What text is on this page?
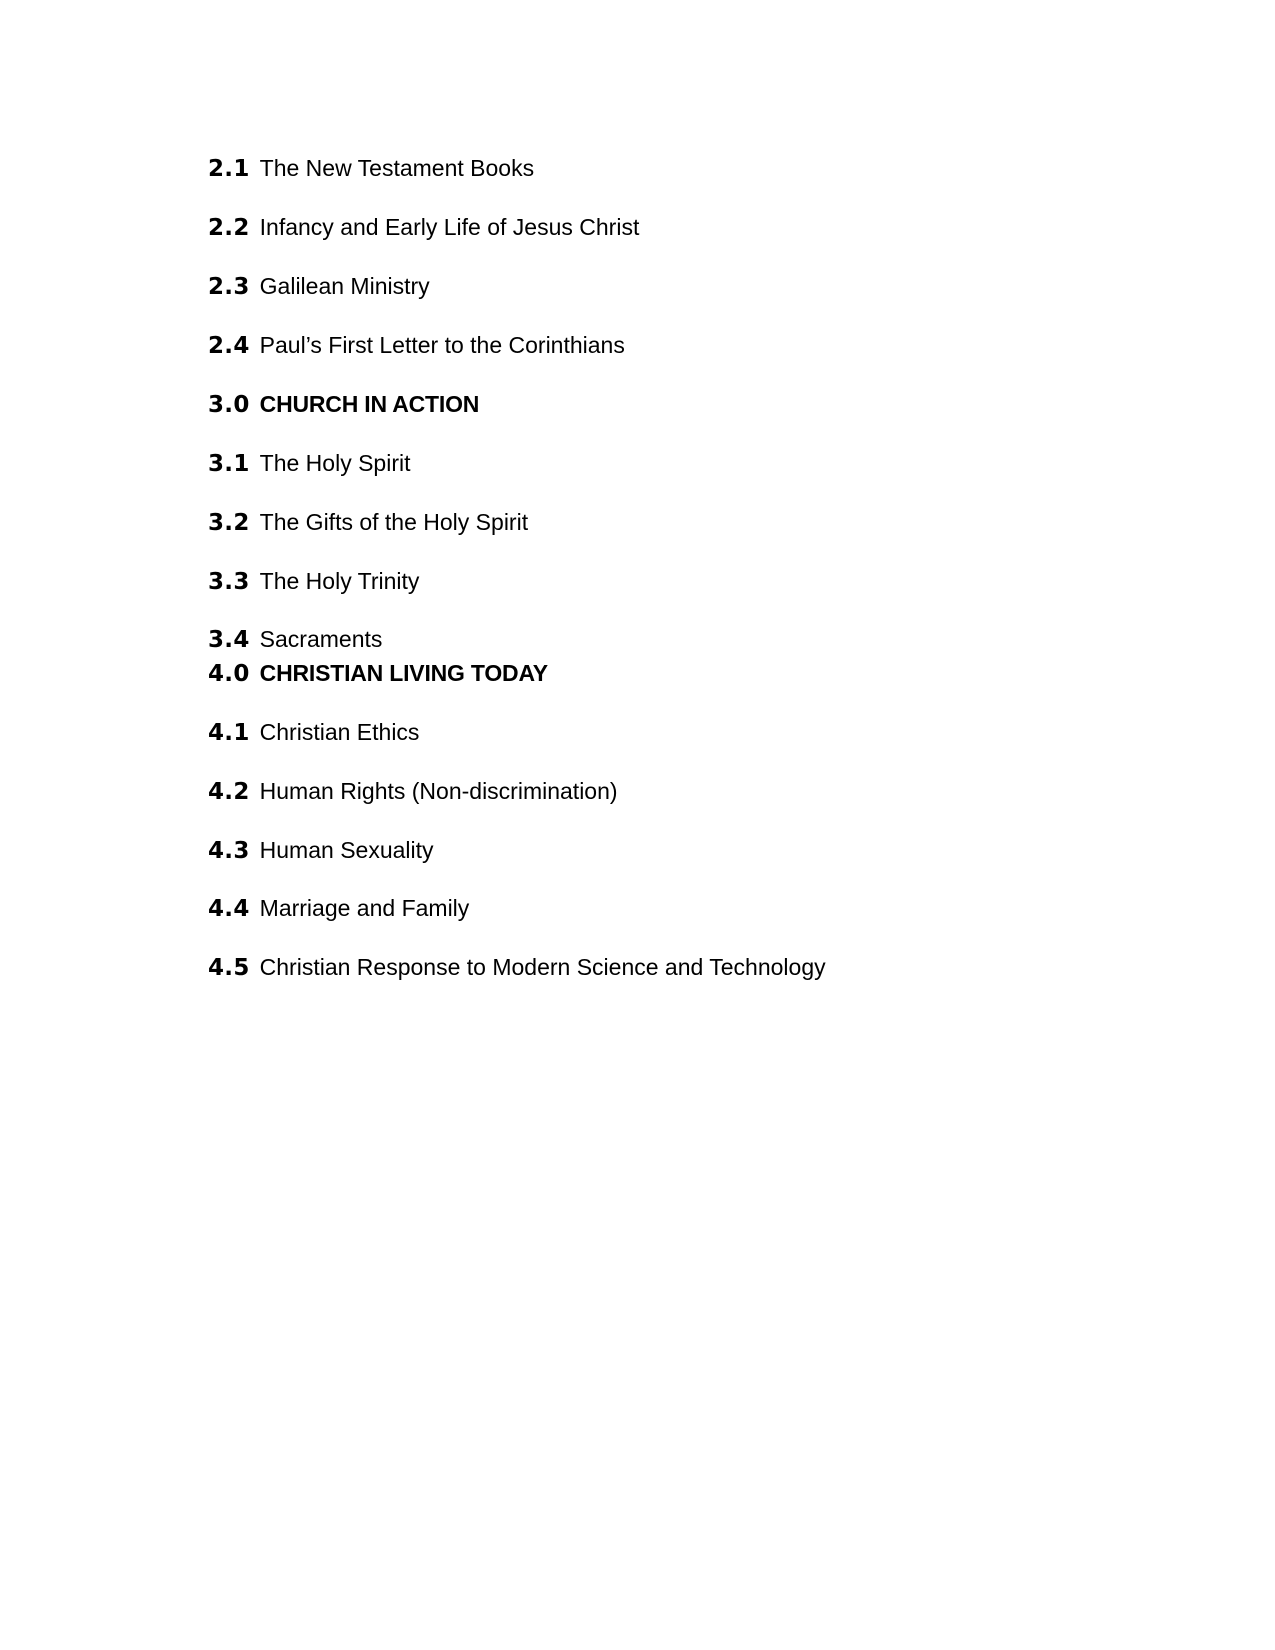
2.1 The New Testament Books
2.2 Infancy and Early Life of Jesus Christ
2.3 Galilean Ministry
2.4 Paul’s First Letter to the Corinthians
3.0 CHURCH IN ACTION
3.1 The Holy Spirit
3.2 The Gifts of the Holy Spirit
3.3 The Holy Trinity
3.4 Sacraments
4.0 CHRISTIAN LIVING TODAY
4.1 Christian Ethics
4.2 Human Rights (Non-discrimination)
4.3 Human Sexuality
4.4 Marriage and Family
4.5 Christian Response to Modern Science and Technology
